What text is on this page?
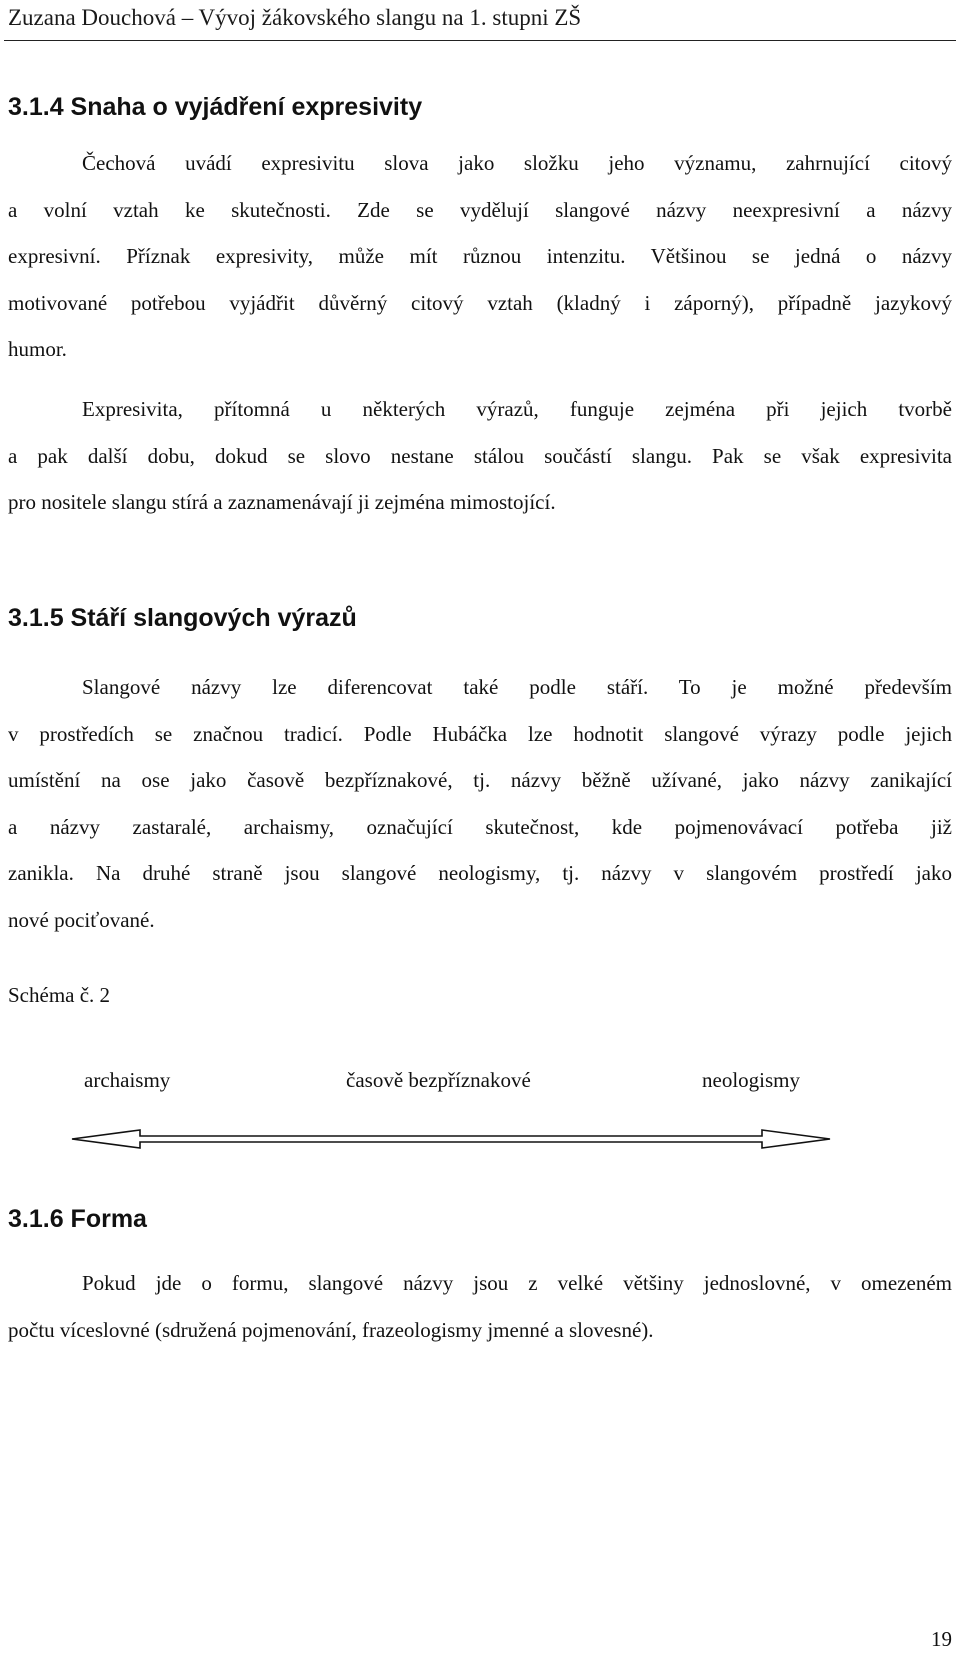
Zuzana Douchová – Vývoj žákovského slangu na 1. stupni ZŠ
3.1.4 Snaha o vyjádření expresivity
Čechová uvádí expresivitu slova jako složku jeho významu, zahrnující citový
a volní vztah ke skutečnosti. Zde se vydělují slangové názvy neexpresivní a názvy
expresivní. Příznak expresivity, může mít různou intenzitu. Většinou se jedná o názvy
motivované potřebou vyjádřit důvěrný citový vztah (kladný i záporný), případně jazykový
humor.
Expresivita, přítomná u některých výrazů, funguje zejména při jejich tvorbě
a pak další dobu, dokud se slovo nestane stálou součástí slangu. Pak se však expresivita
pro nositele slangu stírá a zaznamenávají ji zejména mimostojící.
3.1.5 Stáří slangových výrazů
Slangové názvy lze diferencovat také podle stáří. To je možné především
v prostředích se značnou tradicí. Podle Hubáčka lze hodnotit slangové výrazy podle jejich
umístění na ose jako časově bezpříznakové, tj. názvy běžně užívané, jako názvy zanikající
a názvy zastaralé, archaismy, označující skutečnost, kde pojmenovávací potřeba již
zanikla. Na druhé straně jsou slangové neologismy, tj. názvy v slangovém prostředí jako
nové pociťované.
Schéma č. 2
archaismy	časově bezpříznakové	neologismy
3.1.6 Forma
Pokud jde o formu, slangové názvy jsou z velké většiny jednoslovné, v omezeném
počtu víceslovné (sdružená pojmenování, frazeologismy jmenné a slovesné).
19
